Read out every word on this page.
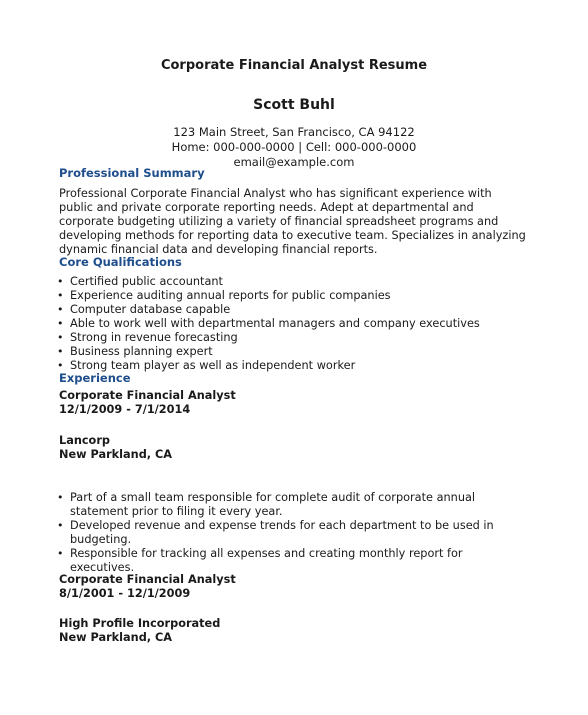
Corporate Financial Analyst Resume
Scott Buhl
123 Main Street, San Francisco, CA 94122
Home: 000-000-0000 | Cell: 000-000-0000
email@example.com
Professional Summary

Professional Corporate Financial Analyst who has significant experience with public and private corporate reporting needs. Adept at departmental and corporate budgeting utilizing a variety of financial spreadsheet programs and developing methods for reporting data to executive team. Specializes in analyzing dynamic financial data and developing financial reports.

Core Qualifications
• Certified public accountant
• Experience auditing annual reports for public companies
• Computer database capable
• Able to work well with departmental managers and company executives
• Strong in revenue forecasting
• Business planning expert
• Strong team player as well as independent worker
Experience
Corporate Financial Analyst
12/1/2009 - 7/1/2014
Lancorp
New Parkland, CA
• Part of a small team responsible for complete audit of corporate annual statement prior to filing it every year.
• Developed revenue and expense trends for each department to be used in budgeting.
• Responsible for tracking all expenses and creating monthly report for executives.
Corporate Financial Analyst
8/1/2001 - 12/1/2009
High Profile Incorporated
New Parkland, CA
